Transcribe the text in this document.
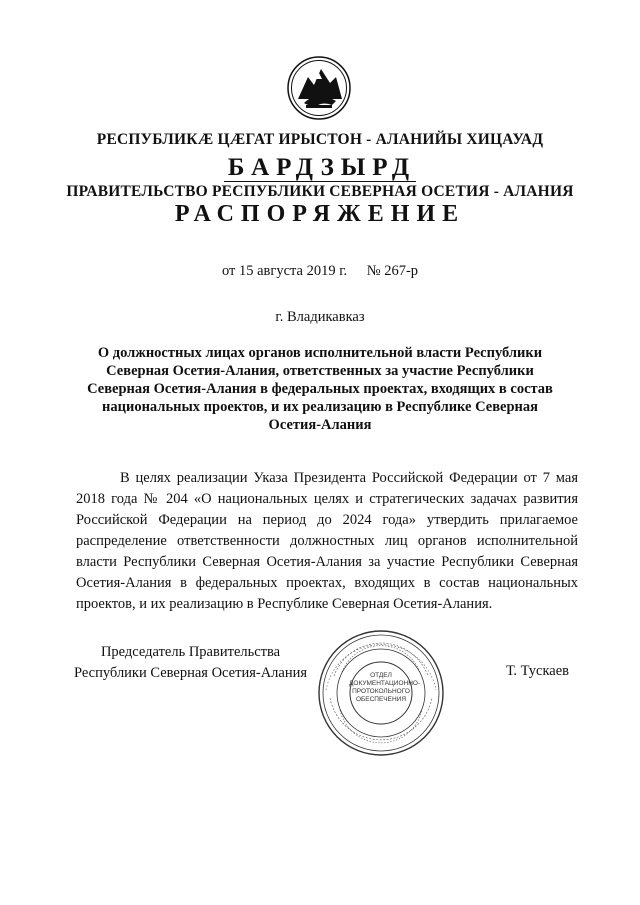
РЕСПУБЛИКӔ ЦӔГАТ ИРЫСТОН - АЛАНИЙЫ ХИЦАУАД
БАРДЗЫРД
ПРАВИТЕЛЬСТВО РЕСПУБЛИКИ СЕВЕРНАЯ ОСЕТИЯ - АЛАНИЯ
РАСПОРЯЖЕНИЕ
от 15 августа 2019 г. № 267-р
г. Владикавказ
О должностных лицах органов исполнительной власти Республики Северная Осетия-Алания, ответственных за участие Республики Северная Осетия-Алания в федеральных проектах, входящих в состав национальных проектов, и их реализацию в Республике Северная Осетия-Алания
В целях реализации Указа Президента Российской Федерации от 7 мая 2018 года № 204 «О национальных целях и стратегических задачах развития Российской Федерации на период до 2024 года» утвердить прилагаемое распределение ответственности должностных лиц органов исполнительной власти Республики Северная Осетия-Алания за участие Республики Северная Осетия-Алания в федеральных проектах, входящих в состав национальных проектов, и их реализацию в Республике Северная Осетия-Алания.
Председатель Правительства
Республики Северная Осетия-Алания	ОТДЕЛ
ДОКУМЕНТАЦИОННО-
ПРОТОКОЛЬНОГО
ОБЕСПЕЧЕНИЯ
Т. Тускаев
